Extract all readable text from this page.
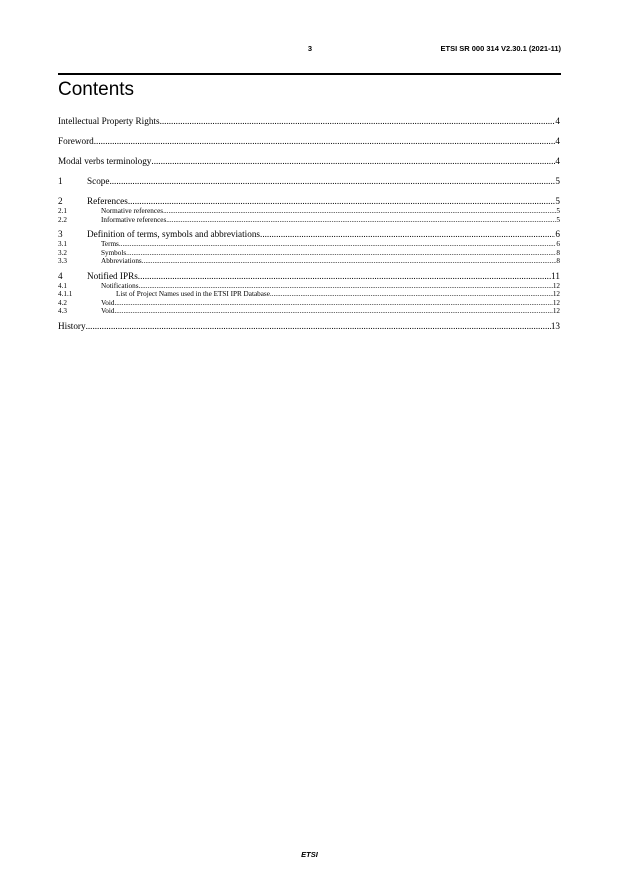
3	ETSI SR 000 314 V2.30.1 (2021-11)
Contents
Intellectual Property Rights .....	4
Foreword .....	4
Modal verbs terminology .....	4
1	Scope .....	5
2	References .....	5
2.1	Normative references .....	5
2.2	Informative references .....	5
3	Definition of terms, symbols and abbreviations .....	6
3.1	Terms .....	6
3.2	Symbols .....	8
3.3	Abbreviations .....	8
4	Notified IPRs .....	11
4.1	Notifications .....	12
4.1.1	List of Project Names used in the ETSI IPR Database .....	12
4.2	Void .....	12
4.3	Void .....	12
History .....	13
ETSI
